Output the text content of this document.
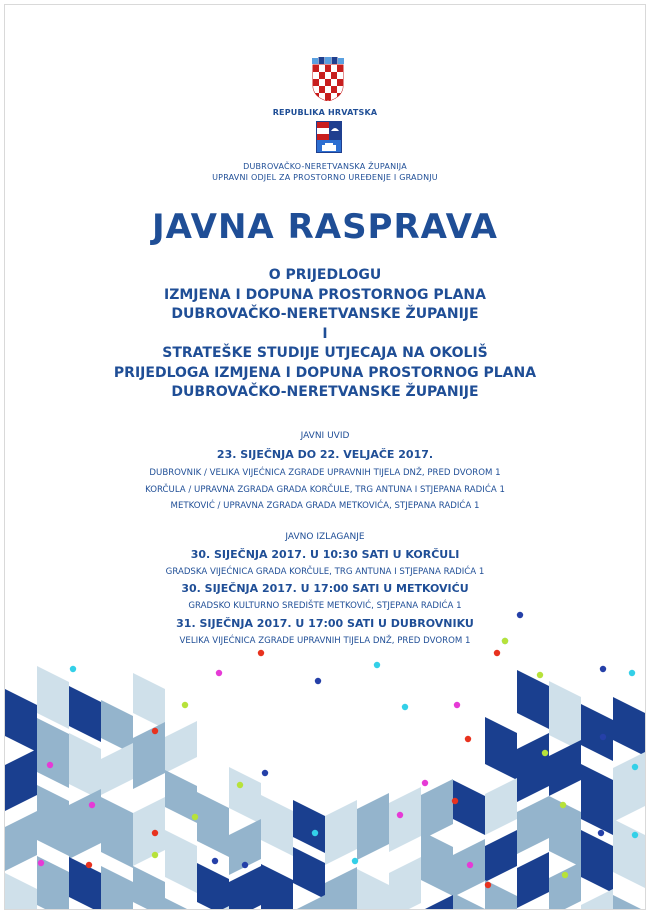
REPUBLIKA HRVATSKA
DUBROVAČKO-NERETVANSKA ŽUPANIJA
UPRAVNI ODJEL ZA PROSTORNO UREĐENJE I GRADNJU
JAVNA RASPRAVA
O PRIJEDLOGU
IZMJENA I DOPUNA PROSTORNOG PLANA
DUBROVAČKO-NERETVANSKE ŽUPANIJE
I
STRATEŠKE STUDIJE UTJECAJA NA OKOLIŠ
PRIJEDLOGA IZMJENA I DOPUNA PROSTORNOG PLANA
DUBROVAČKO-NERETVANSKE ŽUPANIJE
JAVNI UVID
23. SIJEČNJA DO 22. VELJAČE 2017.
DUBROVNIK / VELIKA VIJEĆNICA ZGRADE UPRAVNIH TIJELA DNŽ, PRED DVOROM 1
KORČULA / UPRAVNA ZGRADA GRADA KORČULE, TRG ANTUNA I STJEPANA RADIĆA 1
METKOVIĆ / UPRAVNA ZGRADA GRADA METKOVIĆA, STJEPANA RADIĆA 1
JAVNO IZLAGANJE
30. SIJEČNJA 2017. U 10:30 SATI U KORČULI
GRADSKA VIJEĆNICA GRADA KORČULE, TRG ANTUNA I STJEPANA RADIĆA 1
30. SIJEČNJA 2017. U 17:00 SATI U METKOVIĆU
GRADSKO KULTURNO SREDIŠTE METKOVIĆ, STJEPANA RADIĆA 1
31. SIJEČNJA 2017. U 17:00 SATI U DUBROVNIKU
VELIKA VIJEĆNICA ZGRADE UPRAVNIH TIJELA DNŽ, PRED DVOROM 1
